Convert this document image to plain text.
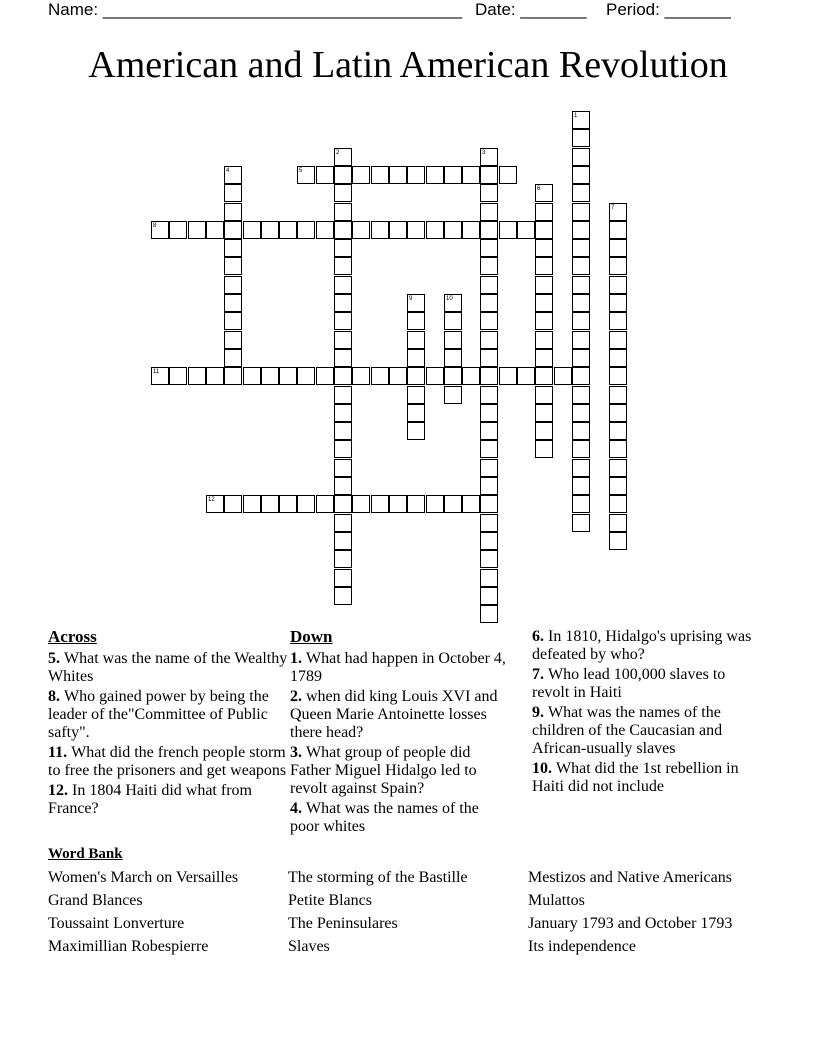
Name: ______________________________________ Date: _______ Period: _______
American and Latin American Revolution
1
2	3
4	5
6
7
8
9	10
11
12
Across
5. What was the name of the Wealthy Whites
8. Who gained power by being the leader of the"Committee of Public safty".
11. What did the french people storm to free the prisoners and get weapons
12. In 1804 Haiti did what from France?
Down
1. What had happen in October 4, 1789
2. when did king Louis XVI and Queen Marie Antoinette losses there head?
3. What group of people did Father Miguel Hidalgo led to revolt against Spain?
4. What was the names of the poor whites
6. In 1810, Hidalgo's uprising was defeated by who?
7. Who lead 100,000 slaves to revolt in Haiti
9. What was the names of the children of the Caucasian and African-usually slaves
10. What did the 1st rebellion in Haiti did not include
Word Bank
Women's March on Versailles	The storming of the Bastille	Mestizos and Native Americans
Grand Blances	Petite Blancs	Mulattos
Toussaint Lonverture	The Peninsulares	January 1793 and October 1793
Maximillian Robespierre	Slaves	Its independence
